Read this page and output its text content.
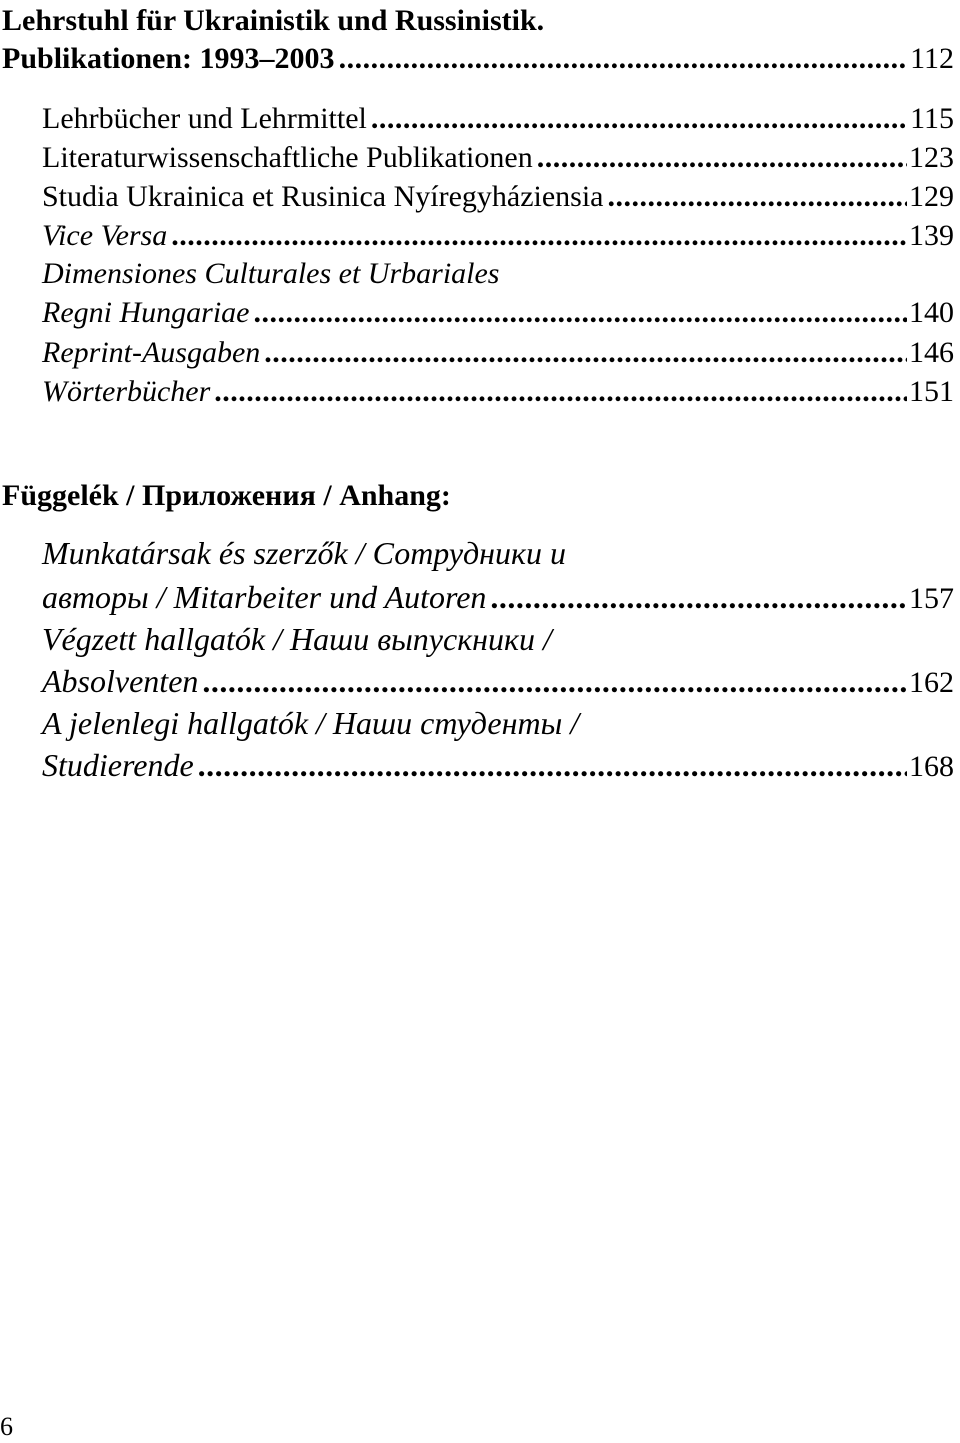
Lehrstuhl für Ukrainistik und Russinistik.
Publikationen: 1993–2003 .....	112
Lehrbücher und Lehrmittel .....	115
Literaturwissenschaftliche Publikationen .....	123
Studia Ukrainica et Rusinica Nyíregyháziensia .....	129
Vice Versa .....	139
Dimensiones Culturales et Urbariales
Regni Hungariae .....	140
Reprint-Ausgaben .....	146
Wörterbücher .....	151
Függelék / Приложения / Anhang:
Munkatársak és szerzők / Сотрудники и
авторы / Mitarbeiter und Autoren .....	157
Végzett hallgatók / Наши выпускники /
Absolventen .....	162
A jelenlegi hallgatók / Наши студенты /
Studierende .....	168
6
